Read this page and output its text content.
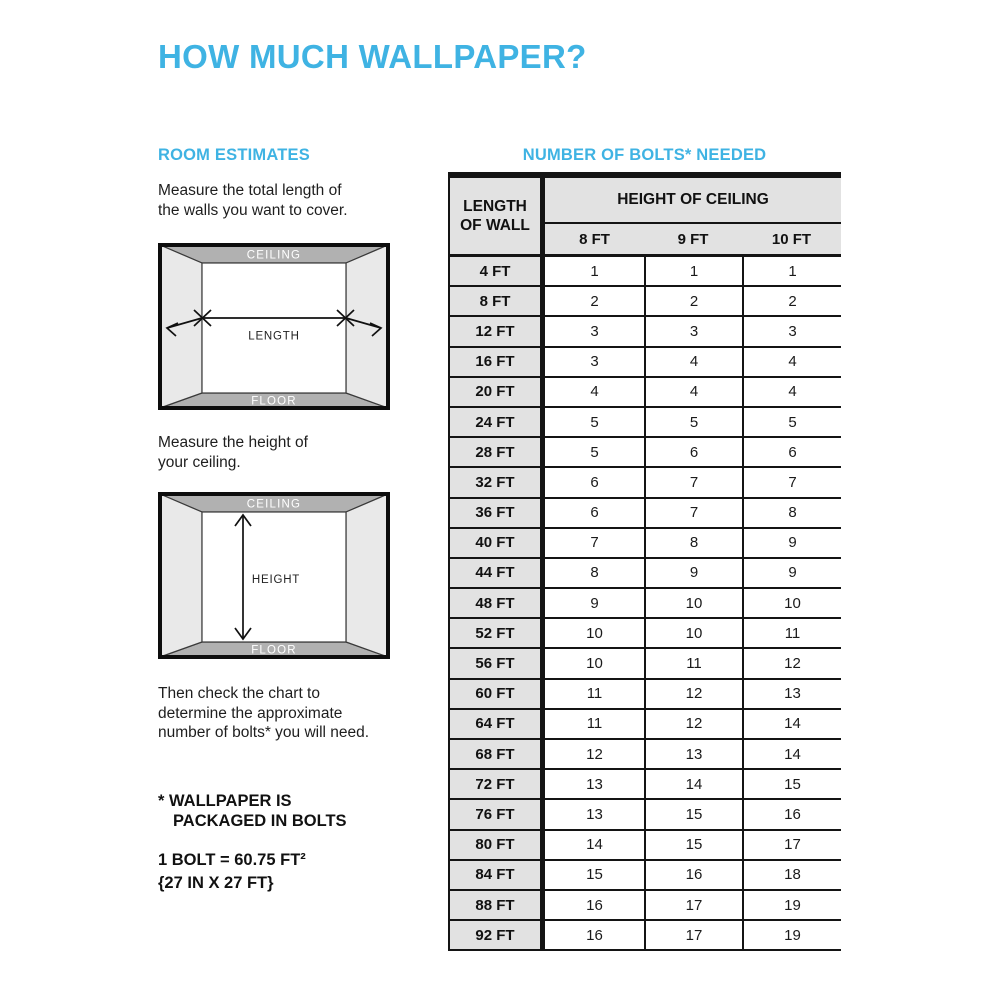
HOW MUCH WALLPAPER?
ROOM ESTIMATES	NUMBER OF BOLTS* NEEDED
Measure the total length of
the walls you want to cover.
CEILING
FLOOR
LENGTH
Measure the height of
your ceiling.
CEILING
FLOOR
HEIGHT
Then check the chart to
determine the approximate
number of bolts* you will need.
* WALLPAPER IS
PACKAGED IN BOLTS
1 BOLT = 60.75 FT²
{27 IN X 27 FT}
LENGTH
OF WALL
HEIGHT OF CEILING
8 FT	9 FT	10 FT
4 FT	1	1	1
8 FT	2	2	2
12 FT	3	3	3
16 FT	3	4	4
20 FT	4	4	4
24 FT	5	5	5
28 FT	5	6	6
32 FT	6	7	7
36 FT	6	7	8
40 FT	7	8	9
44 FT	8	9	9
48 FT	9	10	10
52 FT	10	10	11
56 FT	10	11	12
60 FT	11	12	13
64 FT	11	12	14
68 FT	12	13	14
72 FT	13	14	15
76 FT	13	15	16
80 FT	14	15	17
84 FT	15	16	18
88 FT	16	17	19
92 FT	16	17	19
